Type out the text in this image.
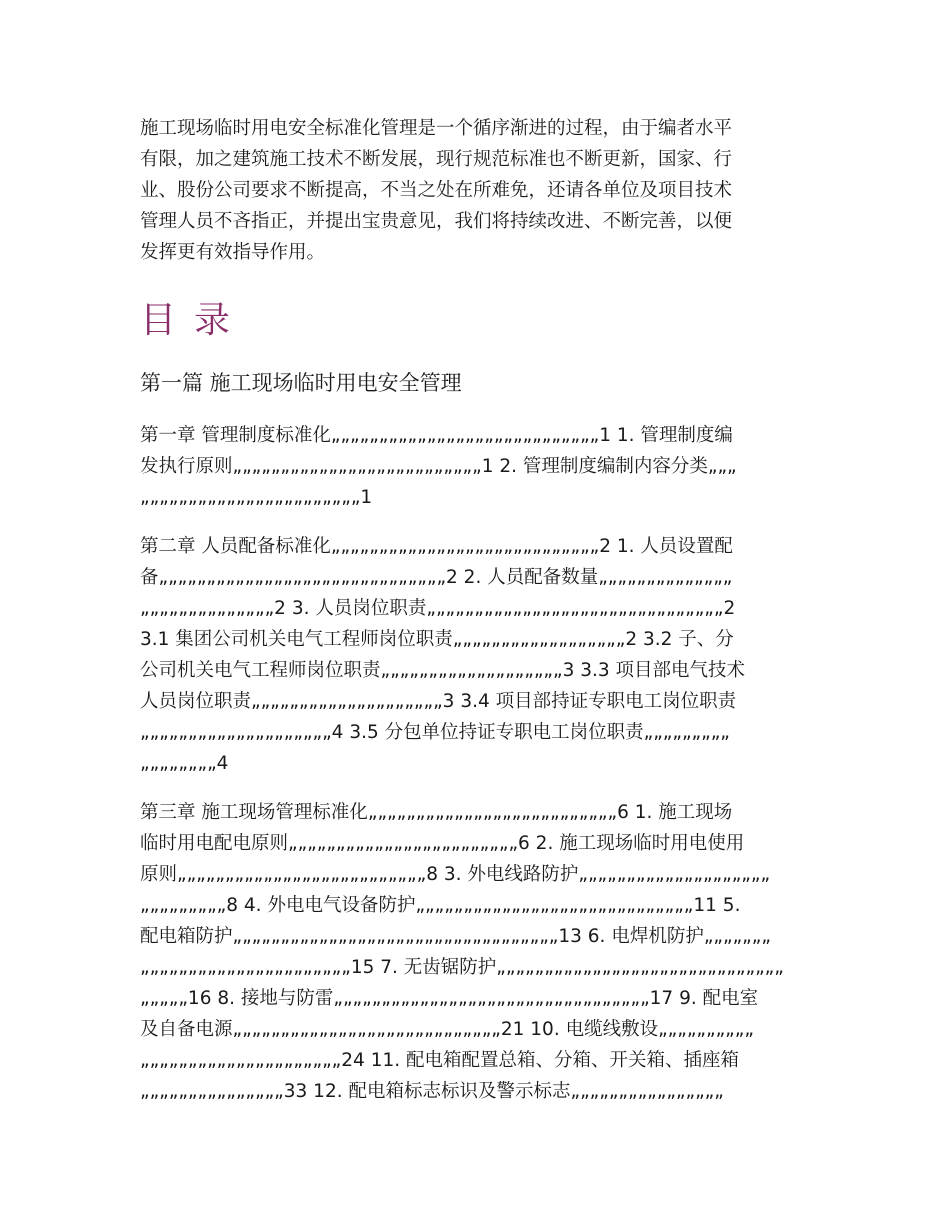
施工现场临时用电安全标准化管理是一个循序渐进的过程，由于编者水平
有限，加之建筑施工技术不断发展，现行规范标准也不断更新，国家、行
业、股份公司要求不断提高，不当之处在所难免，还请各单位及项目技术
管理人员不吝指正，并提出宝贵意见，我们将持续改进、不断完善，以便
发挥更有效指导作用。
目录
第一篇 施工现场临时用电安全管理
第一章 管理制度标准化„„„„„„„„„„„„„„„„„„„„„„„„„„„„1 1. 管理制度编
发执行原则„„„„„„„„„„„„„„„„„„„„„„„„„„1 2. 管理制度编制内容分类„„„
„„„„„„„„„„„„„„„„„„„„„„„1
第二章 人员配备标准化„„„„„„„„„„„„„„„„„„„„„„„„„„„„2 1. 人员设置配
备„„„„„„„„„„„„„„„„„„„„„„„„„„„„„„2 2. 人员配备数量„„„„„„„„„„„„„„
„„„„„„„„„„„„„„2 3. 人员岗位职责„„„„„„„„„„„„„„„„„„„„„„„„„„„„„„„2
3.1 集团公司机关电气工程师岗位职责„„„„„„„„„„„„„„„„„„2 3.2 子、分
公司机关电气工程师岗位职责„„„„„„„„„„„„„„„„„„„3 3.3 项目部电气技术
人员岗位职责„„„„„„„„„„„„„„„„„„„„3 3.4 项目部持证专职电工岗位职责
„„„„„„„„„„„„„„„„„„„„4 3.5 分包单位持证专职电工岗位职责„„„„„„„„„
„„„„„„„„4
第三章 施工现场管理标准化„„„„„„„„„„„„„„„„„„„„„„„„„„6 1. 施工现场
临时用电配电原则„„„„„„„„„„„„„„„„„„„„„„„„6 2. 施工现场临时用电使用
原则„„„„„„„„„„„„„„„„„„„„„„„„„„8 3. 外电线路防护„„„„„„„„„„„„„„„„„„„„
„„„„„„„„„8 4. 外电电气设备防护„„„„„„„„„„„„„„„„„„„„„„„„„„„„„11 5.
配电箱防护„„„„„„„„„„„„„„„„„„„„„„„„„„„„„„„„„„13 6. 电焊机防护„„„„„„„
„„„„„„„„„„„„„„„„„„„„„„15 7. 无齿锯防护„„„„„„„„„„„„„„„„„„„„„„„„„„„„„„
„„„„„16 8. 接地与防雷„„„„„„„„„„„„„„„„„„„„„„„„„„„„„„„„„17 9. 配电室
及自备电源„„„„„„„„„„„„„„„„„„„„„„„„„„„„21 10. 电缆线敷设„„„„„„„„„„
„„„„„„„„„„„„„„„„„„„„„24 11. 配电箱配置总箱、分箱、开关箱、插座箱
„„„„„„„„„„„„„„„33 12. 配电箱标志标识及警示标志„„„„„„„„„„„„„„„„
